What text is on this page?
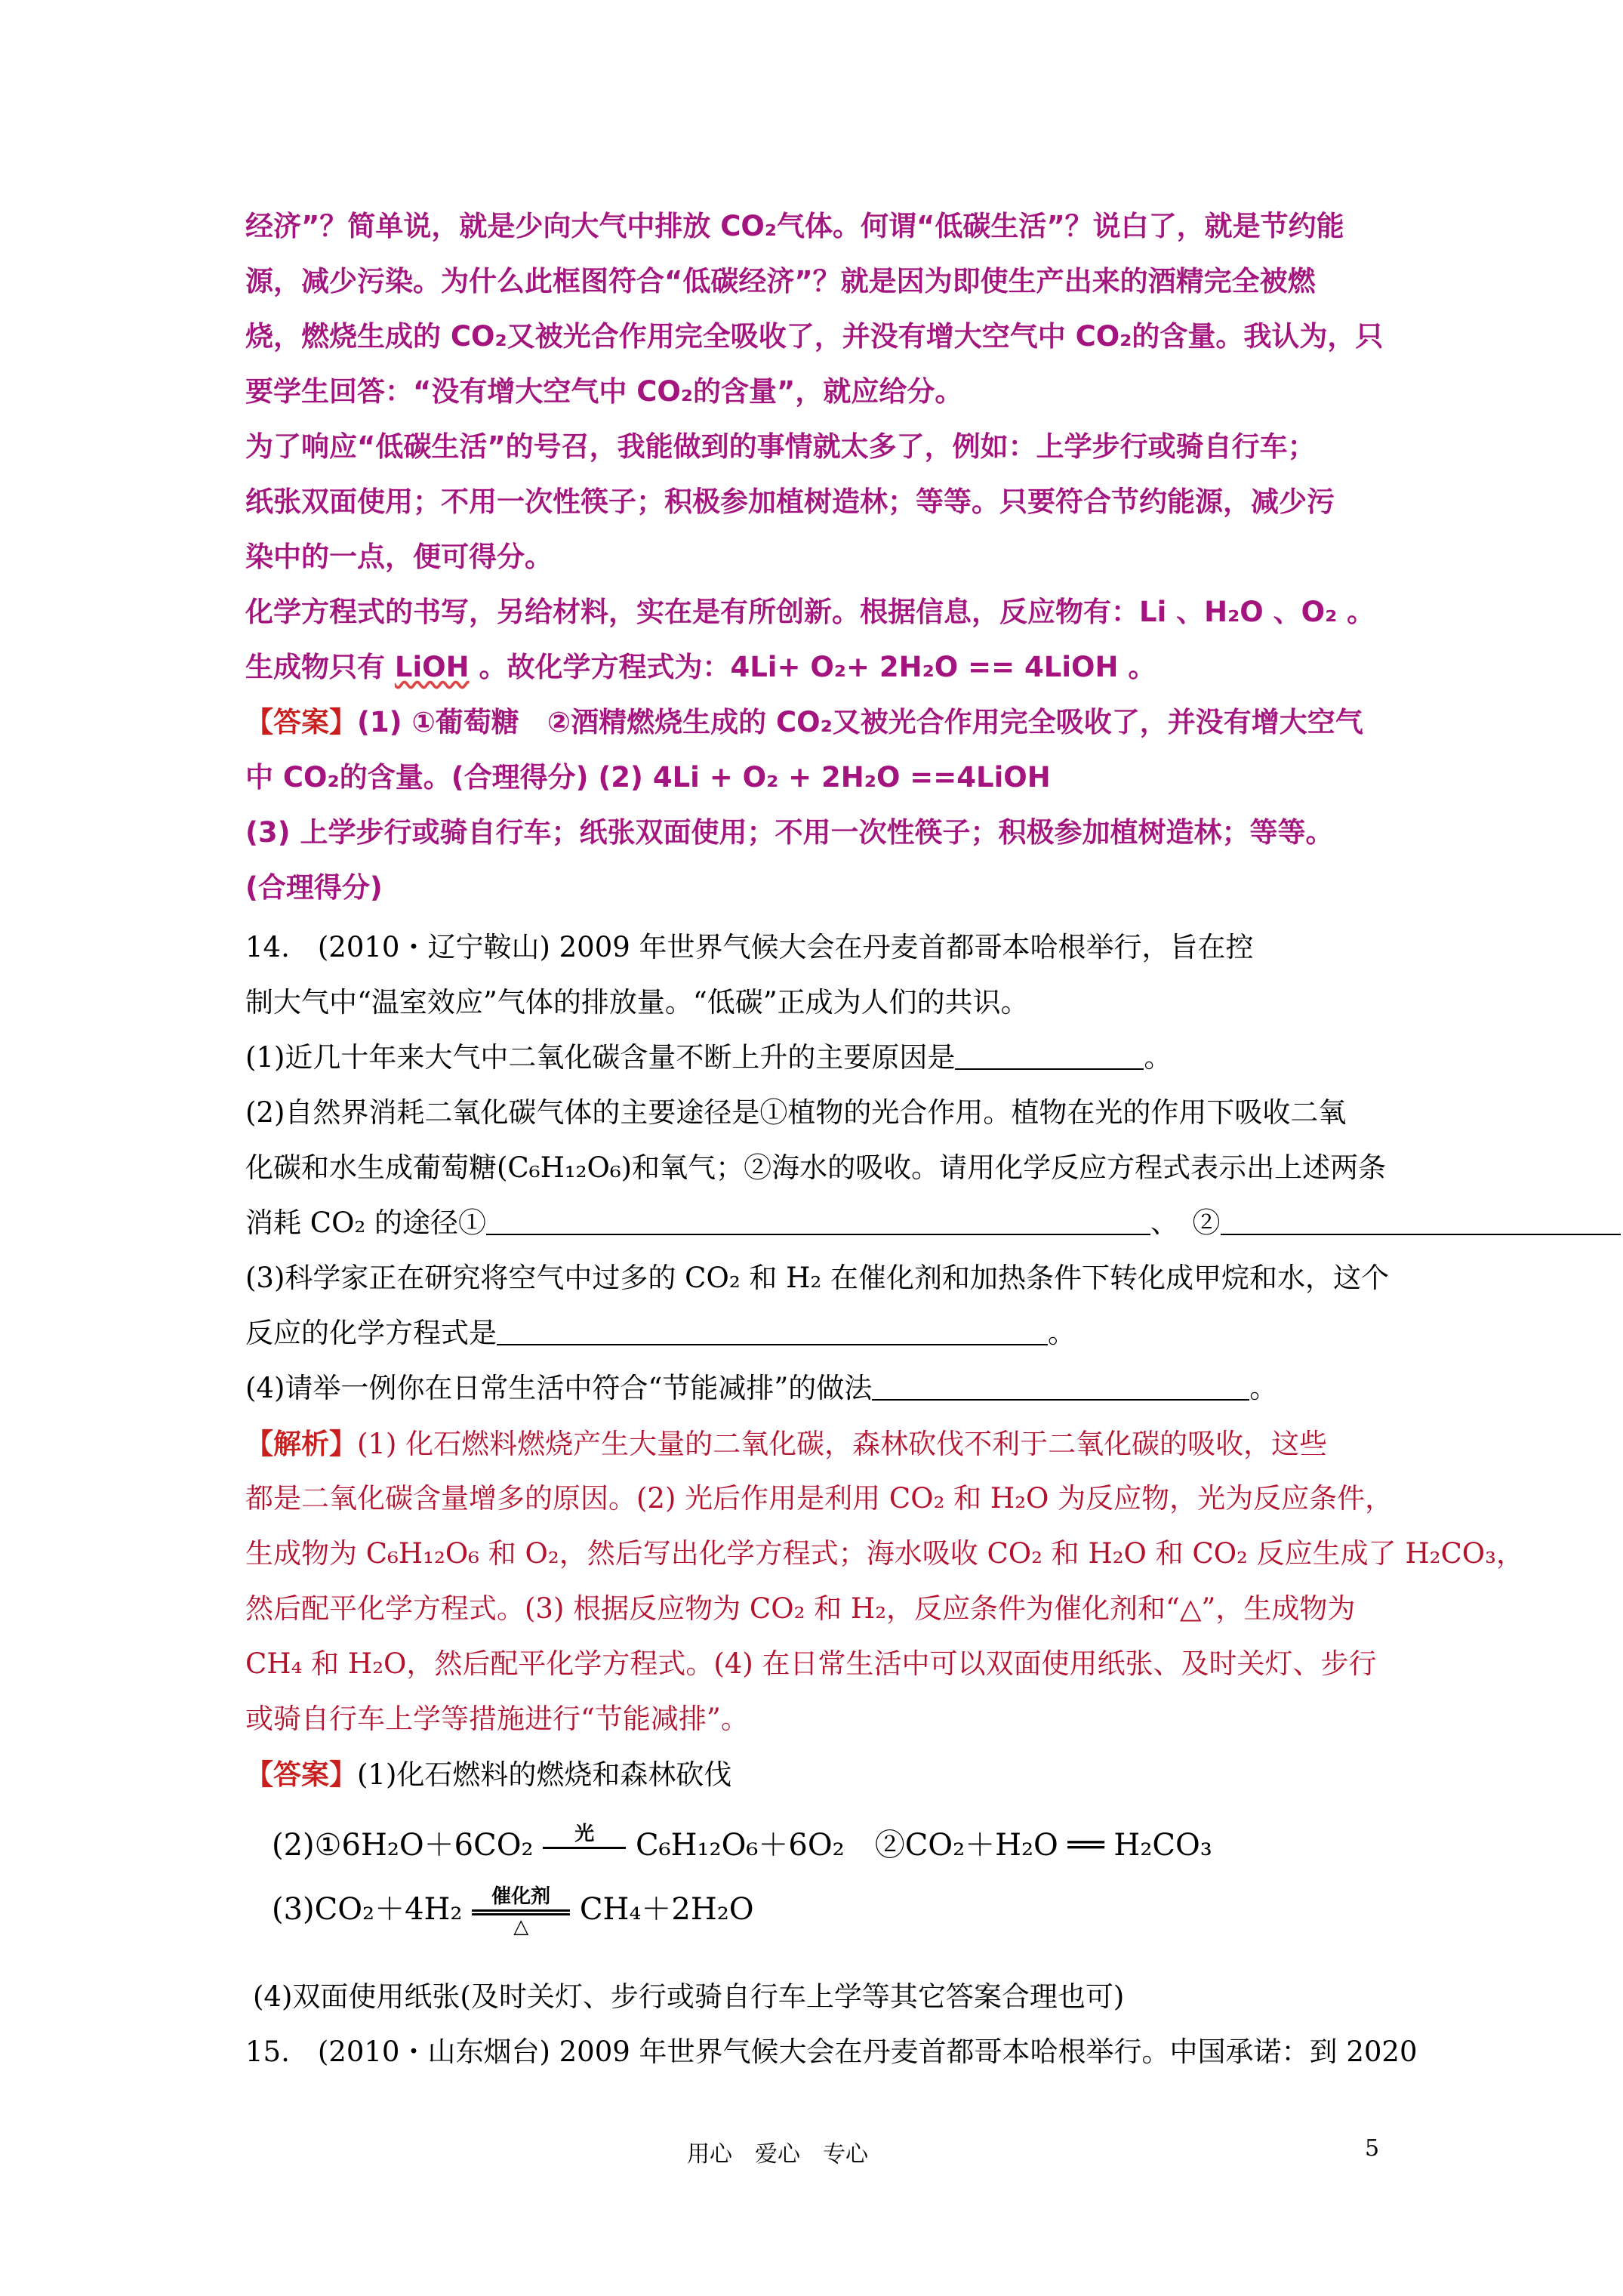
经济”？简单说，就是少向大气中排放 CO₂气体。何谓“低碳生活”？说白了，就是节约能
源，减少污染。为什么此框图符合“低碳经济”？就是因为即使生产出来的酒精完全被燃
烧，燃烧生成的 CO₂又被光合作用完全吸收了，并没有增大空气中 CO₂的含量。我认为，只
要学生回答：“没有增大空气中 CO₂的含量”，就应给分。
为了响应“低碳生活”的号召，我能做到的事情就太多了，例如：上学步行或骑自行车；
纸张双面使用；不用一次性筷子；积极参加植树造林；等等。只要符合节约能源，减少污
染中的一点，便可得分。
化学方程式的书写，另给材料，实在是有所创新。根据信息，反应物有：Li 、H₂O 、O₂ 。
生成物只有 LiOH 。故化学方程式为：4Li+ O₂+ 2H₂O == 4LiOH 。
【答案】(1) ①葡萄糖　②酒精燃烧生成的 CO₂又被光合作用完全吸收了，并没有增大空气
中 CO₂的含量。(合理得分) (2) 4Li + O₂ + 2H₂O ==4LiOH
(3) 上学步行或骑自行车；纸张双面使用；不用一次性筷子；积极参加植树造林；等等。
(合理得分)
14.　(2010・辽宁鞍山) 2009 年世界气候大会在丹麦首都哥本哈根举行，旨在控
制大气中“温室效应”气体的排放量。“低碳”正成为人们的共识。
(1)近几十年来大气中二氧化碳含量不断上升的主要原因是	。
(2)自然界消耗二氧化碳气体的主要途径是①植物的光合作用。植物在光的作用下吸收二氧
化碳和水生成葡萄糖(C₆H₁₂O₆)和氧气；②海水的吸收。请用化学反应方程式表示出上述两条
消耗 CO₂ 的途径①	、　②
(3)科学家正在研究将空气中过多的 CO₂ 和 H₂ 在催化剂和加热条件下转化成甲烷和水，这个
反应的化学方程式是	。
(4)请举一例你在日常生活中符合“节能减排”的做法	。
【解析】(1) 化石燃料燃烧产生大量的二氧化碳，森林砍伐不利于二氧化碳的吸收，这些
都是二氧化碳含量增多的原因。(2) 光后作用是利用 CO₂ 和 H₂O 为反应物，光为反应条件，
生成物为 C₆H₁₂O₆ 和 O₂，然后写出化学方程式；海水吸收 CO₂ 和 H₂O 和 CO₂ 反应生成了 H₂CO₃，
然后配平化学方程式。(3) 根据反应物为 CO₂ 和 H₂，反应条件为催化剂和“△”，生成物为
CH₄ 和 H₂O，然后配平化学方程式。(4) 在日常生活中可以双面使用纸张、及时关灯、步行
或骑自行车上学等措施进行“节能减排”。
【答案】(1)化石燃料的燃烧和森林砍伐
(2)①6H₂O＋6CO₂	光	C₆H₁₂O₆＋6O₂　②CO₂＋H₂O ══ H₂CO₃
(3)CO₂＋4H₂	催化剂
△	CH₄＋2H₂O
(4)双面使用纸张(及时关灯、步行或骑自行车上学等其它答案合理也可)
15.　(2010・山东烟台) 2009 年世界气候大会在丹麦首都哥本哈根举行。中国承诺：到 2020
用心　爱心　专心	5
